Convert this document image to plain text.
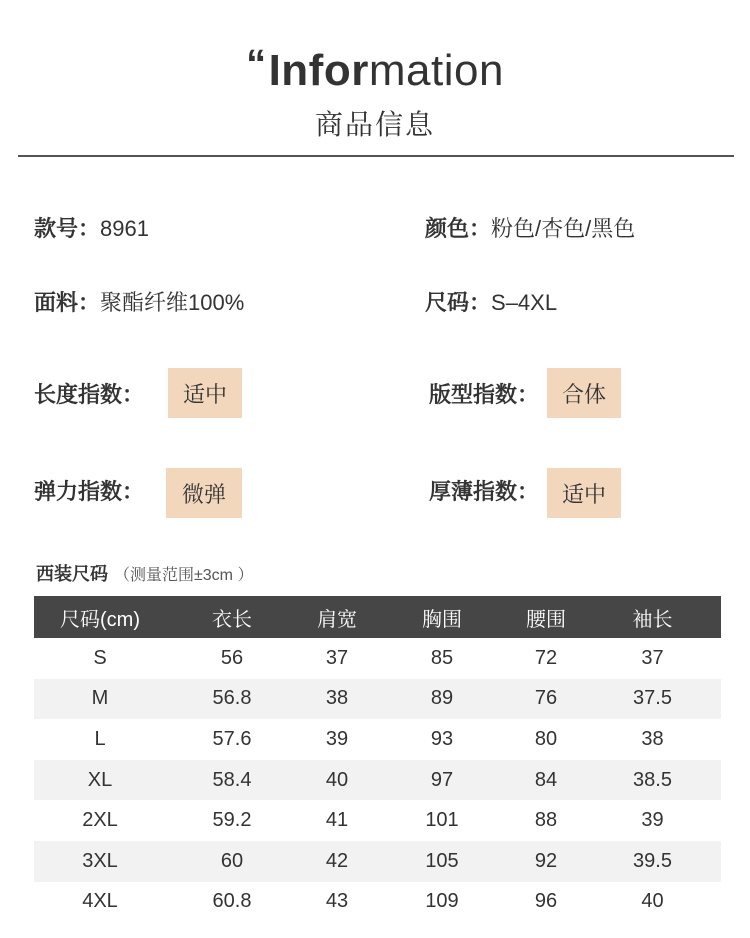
“Information
商品信息
款号：8961	颜色：粉色/杏色/黑色
面料：聚酯纤维100%	尺码：S–4XL
长度指数：	适中	版型指数：	合体
弹力指数：	微弹	厚薄指数：	适中
西装尺码 （测量范围±3cm ）
尺码(cm)	衣长	肩宽	胸围	腰围	袖长
S	56	37	85	72	37
M	56.8	38	89	76	37.5
L	57.6	39	93	80	38
XL	58.4	40	97	84	38.5
2XL	59.2	41	101	88	39
3XL	60	42	105	92	39.5
4XL	60.8	43	109	96	40
